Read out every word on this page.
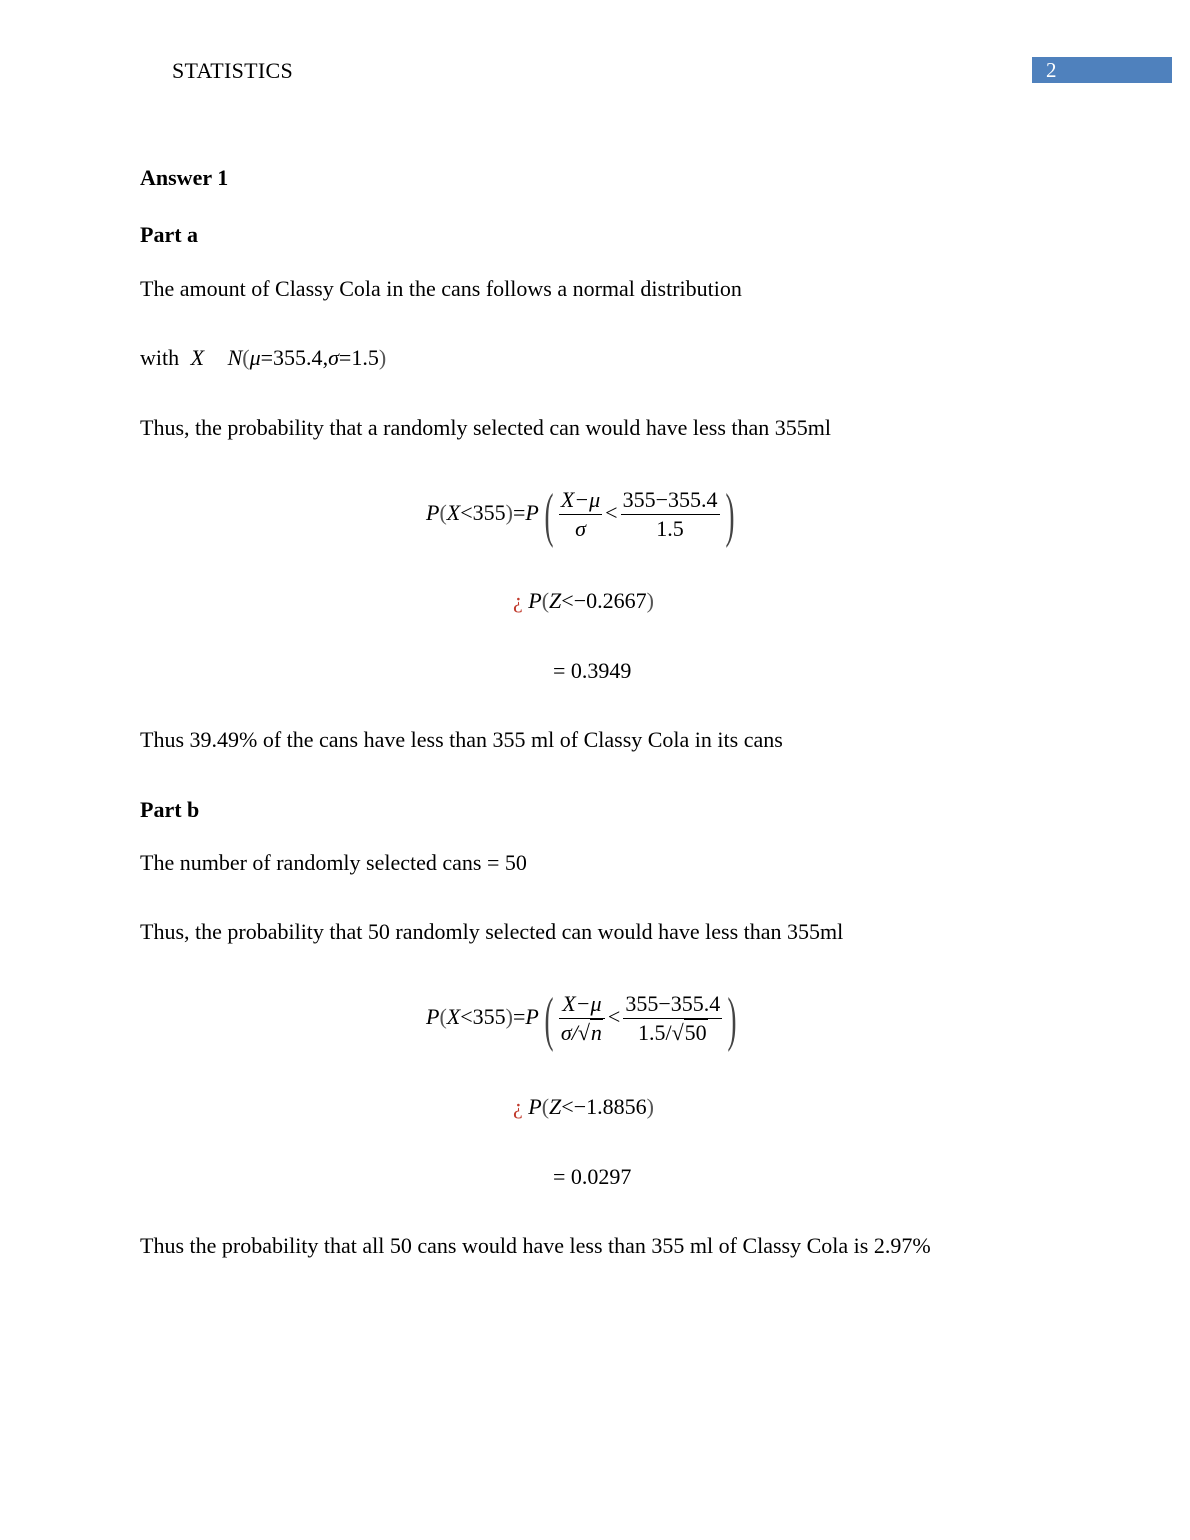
STATISTICS	2
Answer 1
Part a
The amount of Classy Cola in the cans follows a normal distribution
with X N(μ=355.4,σ=1.5)
Thus, the probability that a randomly selected can would have less than 355ml
$P(X<355)=P( \frac{X-\mu}{\sigma} < \frac{355-355.4}{1.5}$ )
¿ P(Z<−0.2667)
= 0.3949
Thus 39.49% of the cans have less than 355 ml of Classy Cola in its cans
Part b
The number of randomly selected cans = 50
Thus, the probability that 50 randomly selected can would have less than 355ml
$P(X<355)=P( \frac{X-\mu}{\sigma/√n} < \frac{355-355.4}{1.5/√50}$ )
¿ P(Z<−1.8856)
= 0.0297
Thus the probability that all 50 cans would have less than 355 ml of Classy Cola is 2.97%
